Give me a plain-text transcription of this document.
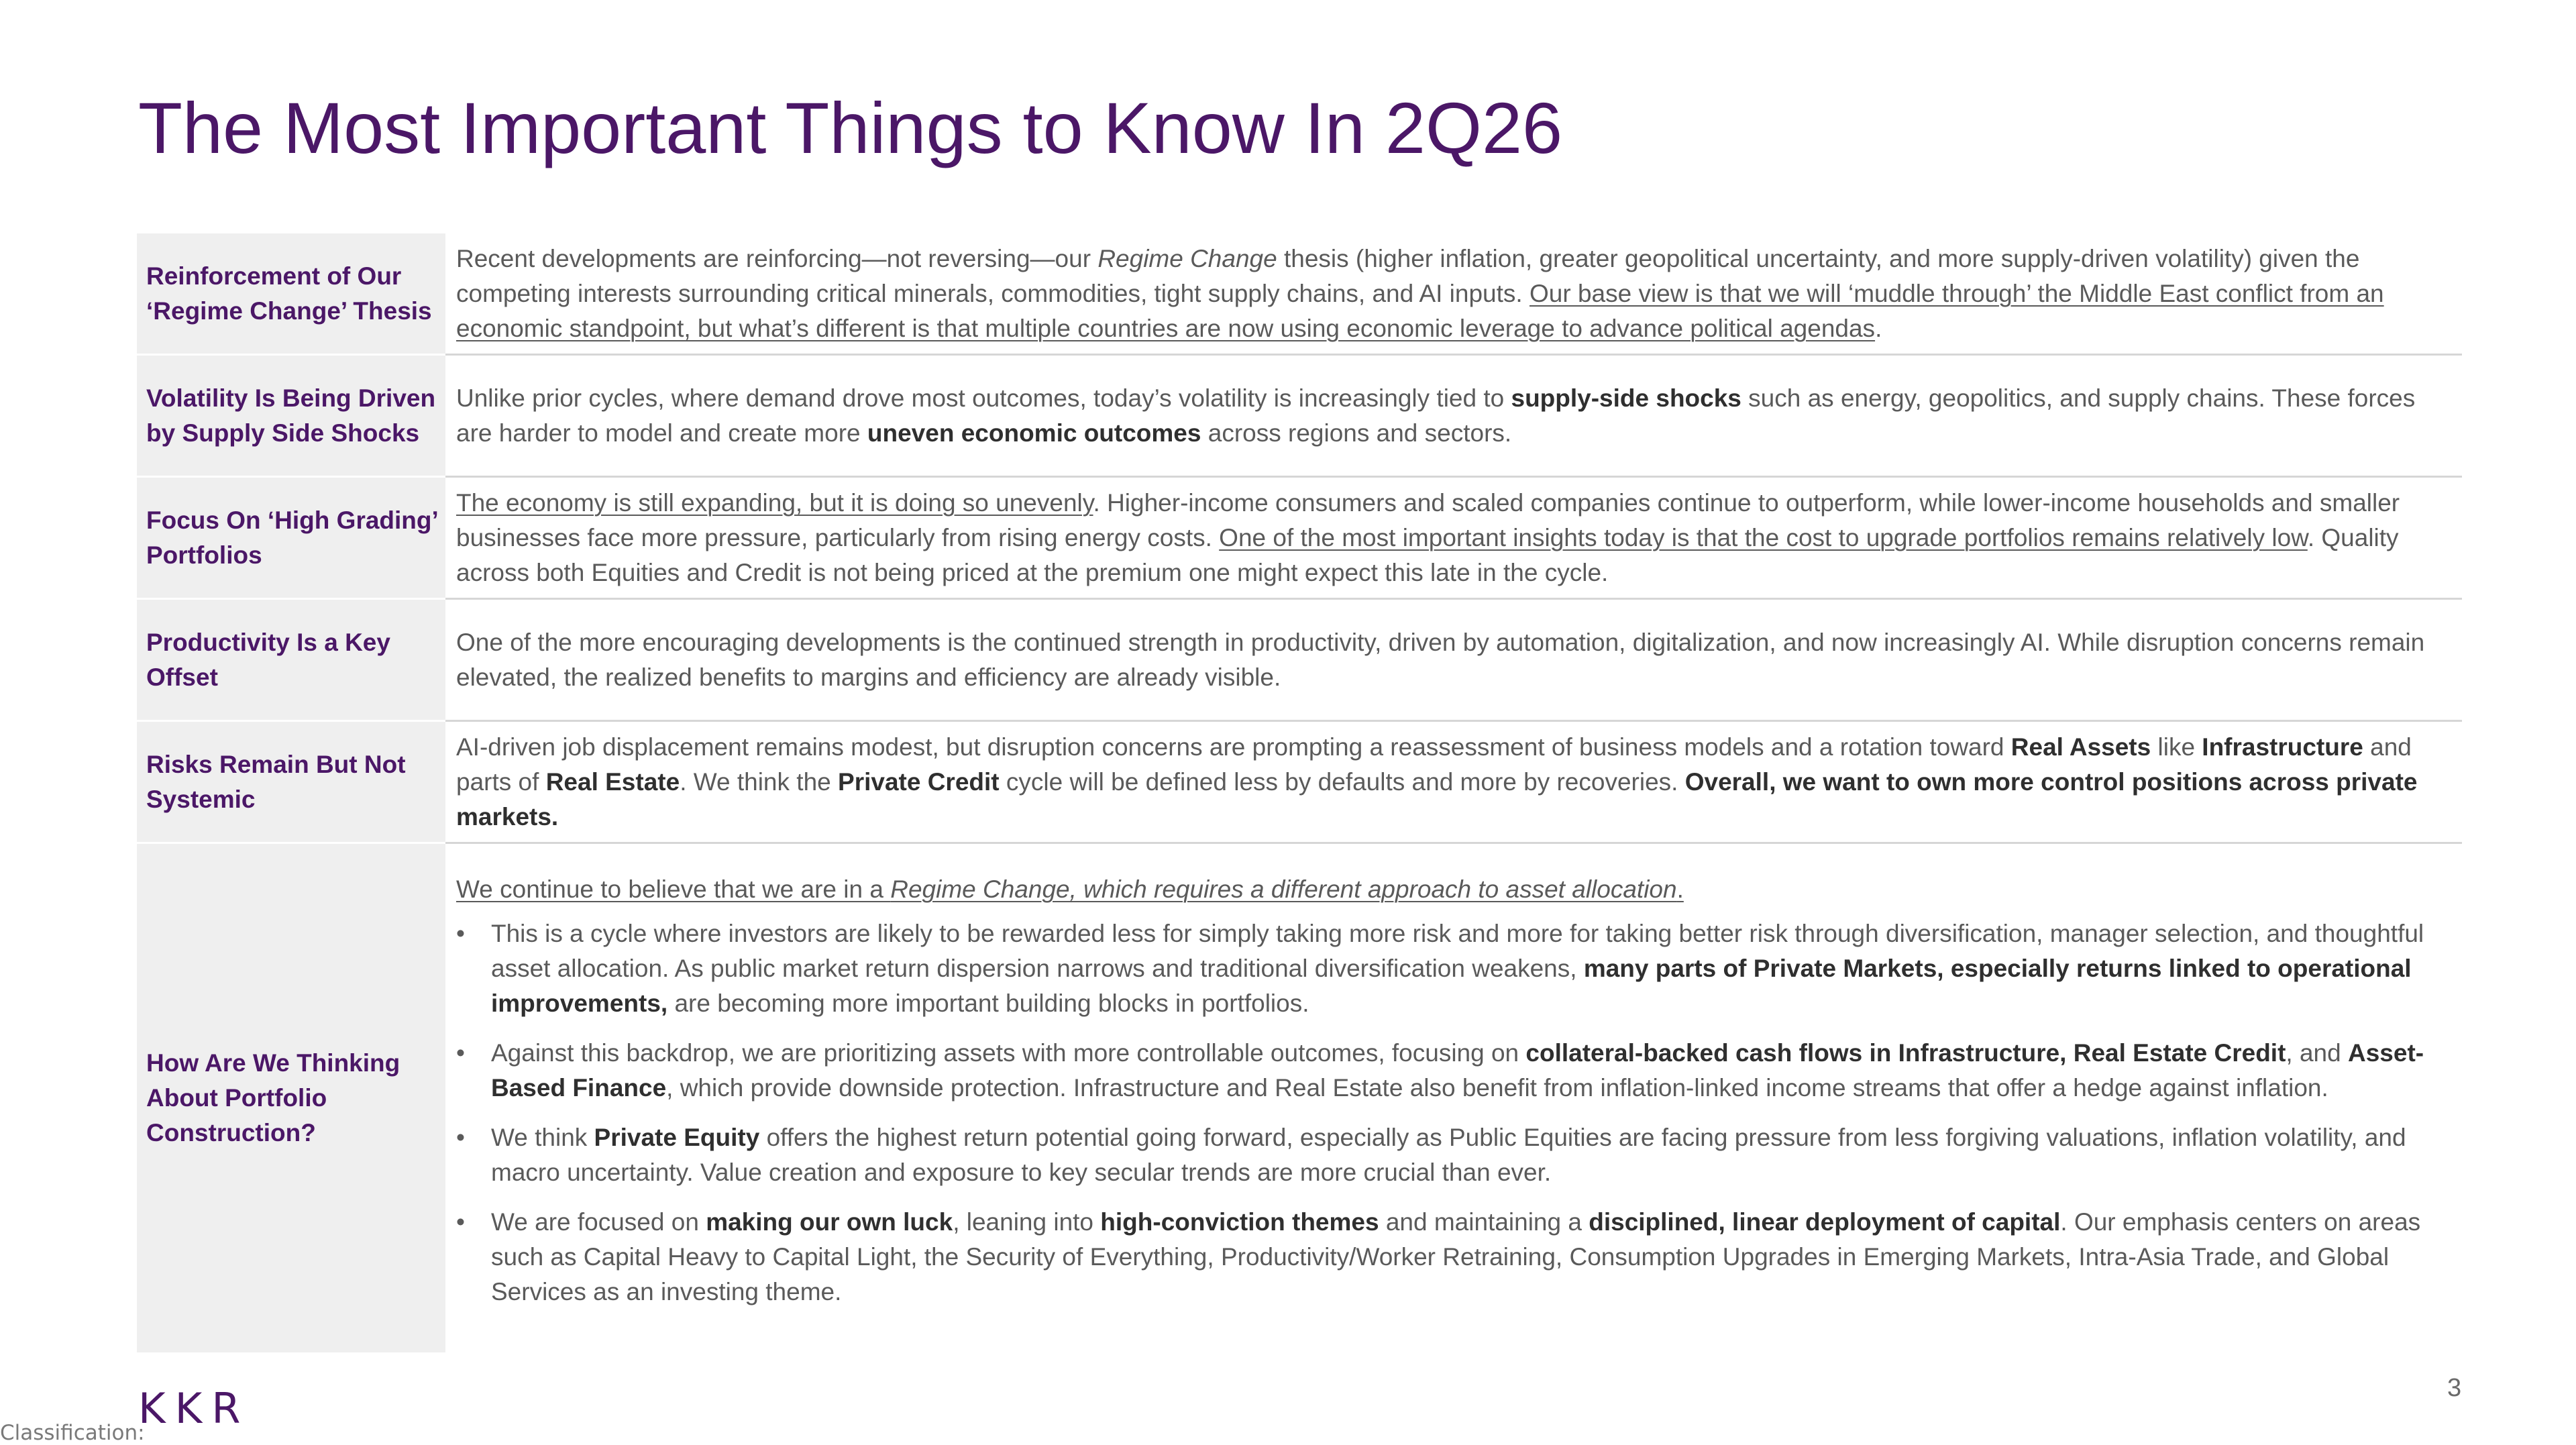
The Most Important Things to Know In 2Q26
Reinforcement of Our ‘Regime Change’ Thesis
Recent developments are reinforcing—not reversing—our Regime Change thesis (higher inflation, greater geopolitical uncertainty, and more supply-driven volatility) given the competing interests surrounding critical minerals, commodities, tight supply chains, and AI inputs. Our base view is that we will ‘muddle through’ the Middle East conflict from an economic standpoint, but what’s different is that multiple countries are now using economic leverage to advance political agendas.
Volatility Is Being Driven by Supply Side Shocks
Unlike prior cycles, where demand drove most outcomes, today’s volatility is increasingly tied to supply-side shocks such as energy, geopolitics, and supply chains. These forces are harder to model and create more uneven economic outcomes across regions and sectors.
Focus On ‘High Grading’ Portfolios
The economy is still expanding, but it is doing so unevenly. Higher-income consumers and scaled companies continue to outperform, while lower-income households and smaller businesses face more pressure, particularly from rising energy costs. One of the most important insights today is that the cost to upgrade portfolios remains relatively low. Quality across both Equities and Credit is not being priced at the premium one might expect this late in the cycle.
Productivity Is a Key Offset
One of the more encouraging developments is the continued strength in productivity, driven by automation, digitalization, and now increasingly AI. While disruption concerns remain elevated, the realized benefits to margins and efficiency are already visible.
Risks Remain But Not Systemic
AI-driven job displacement remains modest, but disruption concerns are prompting a reassessment of business models and a rotation toward Real Assets like Infrastructure and parts of Real Estate. We think the Private Credit cycle will be defined less by defaults and more by recoveries. Overall, we want to own more control positions across private markets.
How Are We Thinking About Portfolio Construction?
We continue to believe that we are in a Regime Change, which requires a different approach to asset allocation.
• This is a cycle where investors are likely to be rewarded less for simply taking more risk and more for taking better risk through diversification, manager selection, and thoughtful asset allocation. As public market return dispersion narrows and traditional diversification weakens, many parts of Private Markets, especially returns linked to operational improvements, are becoming more important building blocks in portfolios.
• Against this backdrop, we are prioritizing assets with more controllable outcomes, focusing on collateral-backed cash flows in Infrastructure, Real Estate Credit, and Asset-Based Finance, which provide downside protection. Infrastructure and Real Estate also benefit from inflation-linked income streams that offer a hedge against inflation.
• We think Private Equity offers the highest return potential going forward, especially as Public Equities are facing pressure from less forgiving valuations, inflation volatility, and macro uncertainty. Value creation and exposure to key secular trends are more crucial than ever.
• We are focused on making our own luck, leaning into high-conviction themes and maintaining a disciplined, linear deployment of capital. Our emphasis centers on areas such as Capital Heavy to Capital Light, the Security of Everything, Productivity/Worker Retraining, Consumption Upgrades in Emerging Markets, Intra-Asia Trade, and Global Services as an investing theme.
KKR	3
Classification:
